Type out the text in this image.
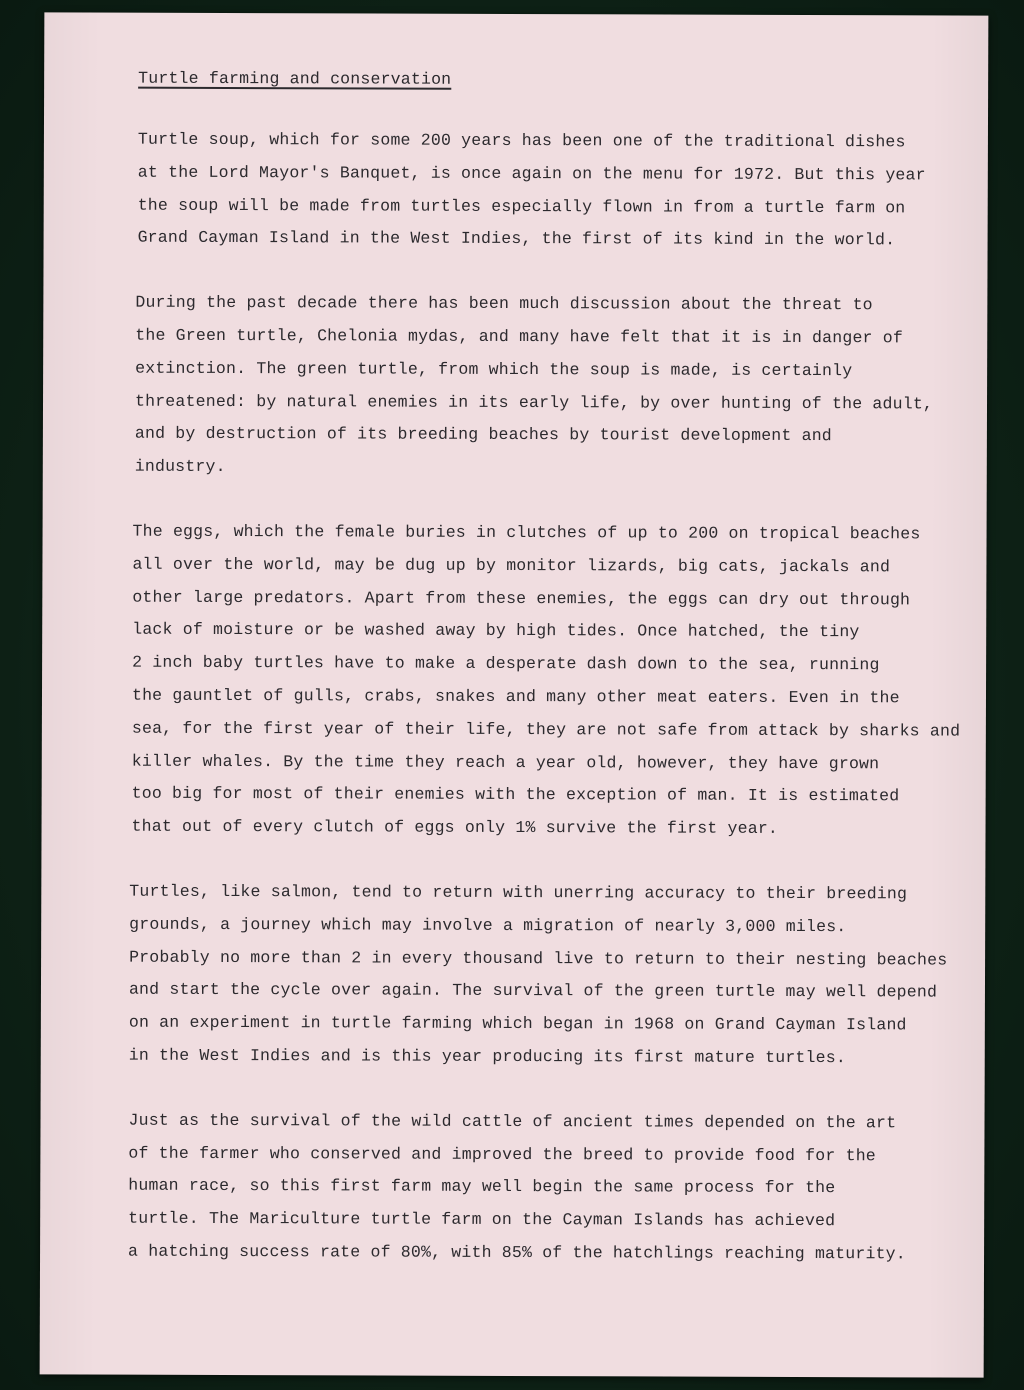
Turtle farming and conservation

Turtle soup, which for some 200 years has been one of the traditional dishes
at the Lord Mayor's Banquet, is once again on the menu for 1972. But this year
the soup will be made from turtles especially flown in from a turtle farm on
Grand Cayman Island in the West Indies, the first of its kind in the world.

During the past decade there has been much discussion about the threat to
the Green turtle, Chelonia mydas, and many have felt that it is in danger of
extinction. The green turtle, from which the soup is made, is certainly
threatened: by natural enemies in its early life, by over hunting of the adult,
and by destruction of its breeding beaches by tourist development and
industry.

The eggs, which the female buries in clutches of up to 200 on tropical beaches
all over the world, may be dug up by monitor lizards, big cats, jackals and
other large predators. Apart from these enemies, the eggs can dry out through
lack of moisture or be washed away by high tides. Once hatched, the tiny
2 inch baby turtles have to make a desperate dash down to the sea, running
the gauntlet of gulls, crabs, snakes and many other meat eaters. Even in the
sea, for the first year of their life, they are not safe from attack by sharks and
killer whales. By the time they reach a year old, however, they have grown
too big for most of their enemies with the exception of man. It is estimated
that out of every clutch of eggs only 1% survive the first year.

Turtles, like salmon, tend to return with unerring accuracy to their breeding
grounds, a journey which may involve a migration of nearly 3,000 miles.
Probably no more than 2 in every thousand live to return to their nesting beaches
and start the cycle over again. The survival of the green turtle may well depend
on an experiment in turtle farming which began in 1968 on Grand Cayman Island
in the West Indies and is this year producing its first mature turtles.

Just as the survival of the wild cattle of ancient times depended on the art
of the farmer who conserved and improved the breed to provide food for the
human race, so this first farm may well begin the same process for the
turtle. The Mariculture turtle farm on the Cayman Islands has achieved
a hatching success rate of 80%, with 85% of the hatchlings reaching maturity.
